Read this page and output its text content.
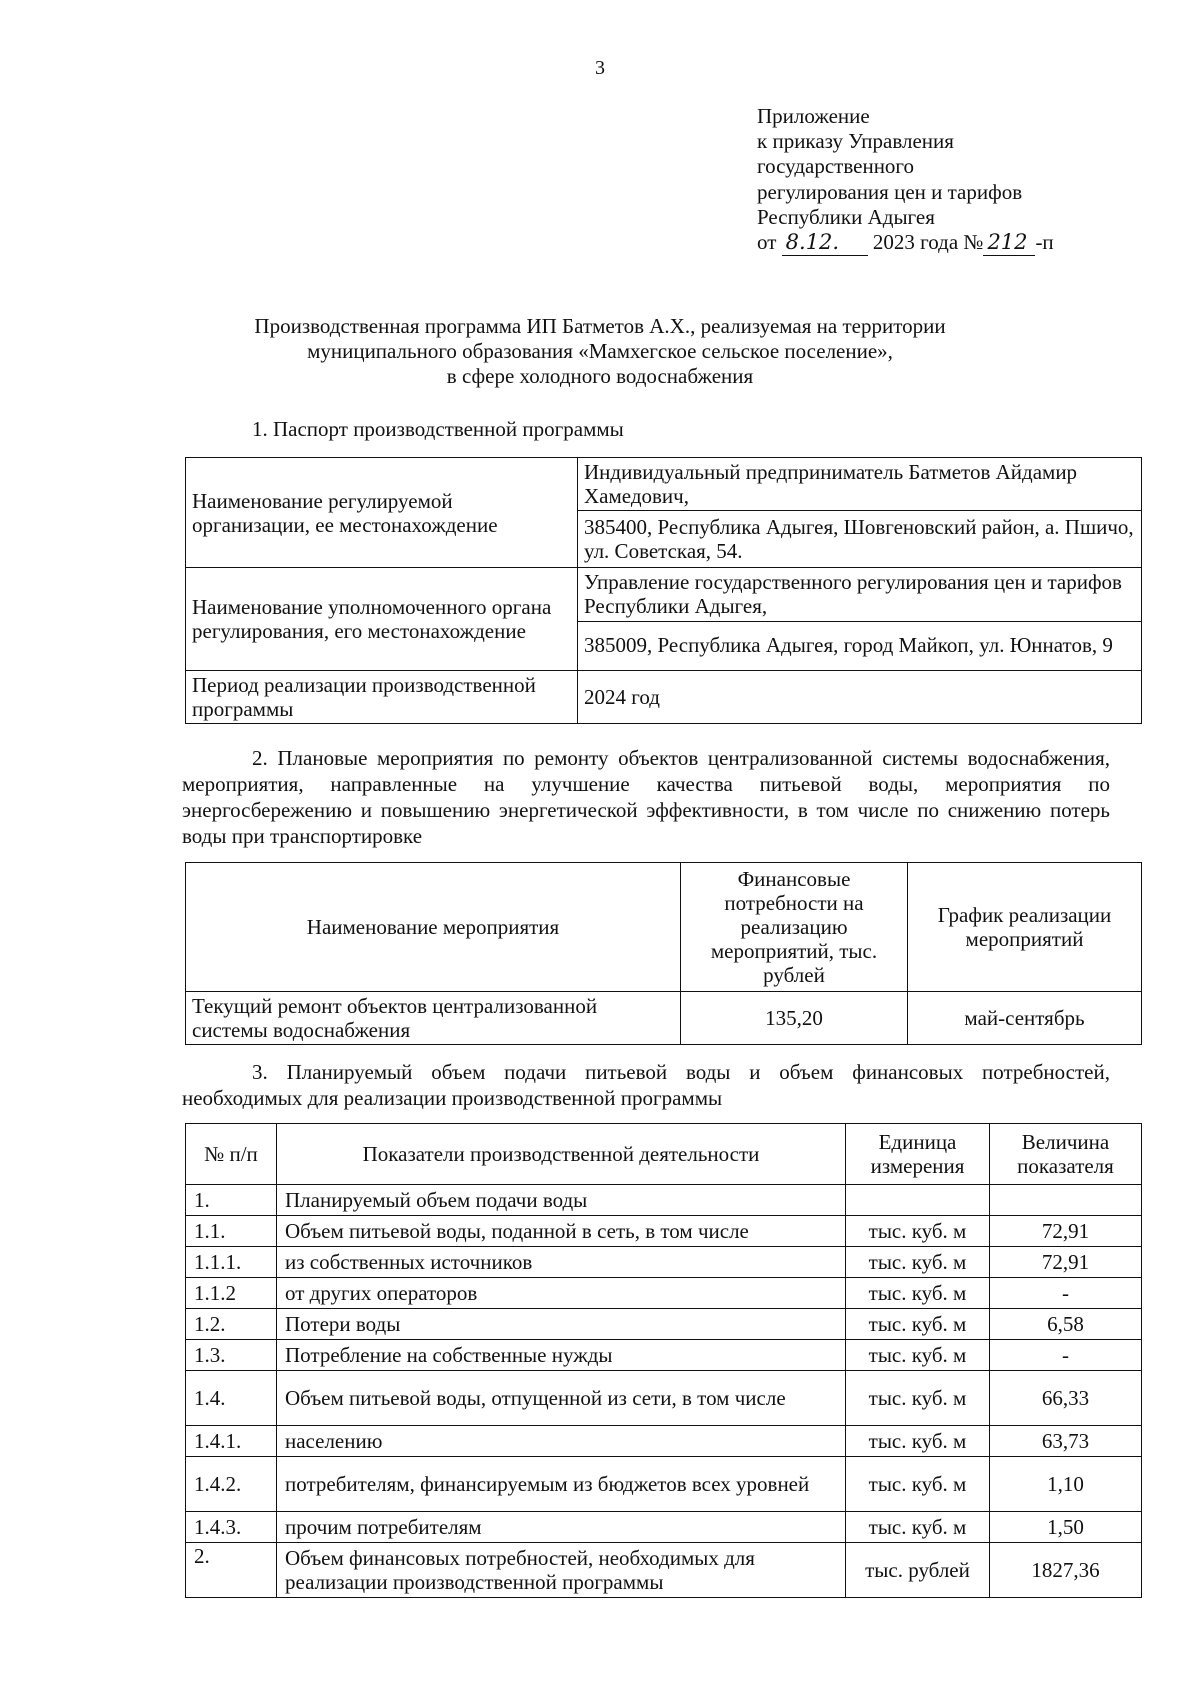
3
Приложение
к приказу Управления
государственного
регулирования цен и тарифов
Республики Адыгея
от 8.12. 2023 года № 212 -п
Производственная программа ИП Батметов А.Х., реализуемая на территории
муниципального образования «Мамхегское сельское поселение»,
в сфере холодного водоснабжения
1. Паспорт производственной программы
Наименование регулируемой организации, ее местонахождение	Индивидуальный предприниматель Батметов Айдамир Хамедович,
	385400, Республика Адыгея, Шовгеновский район, а. Пшичо, ул. Советская, 54.
Наименование уполномоченного органа регулирования, его местонахождение	Управление государственного регулирования цен и тарифов Республики Адыгея,
	385009, Республика Адыгея, город Майкоп, ул. Юннатов, 9
Период реализации производственной программы	2024 год
2. Плановые мероприятия по ремонту объектов централизованной системы водоснабжения, мероприятия, направленные на улучшение качества питьевой воды, мероприятия по энергосбережению и повышению энергетической эффективности, в том числе по снижению потерь воды при транспортировке
Наименование мероприятия	Финансовые потребности на реализацию мероприятий, тыс. рублей	График реализации мероприятий
Текущий ремонт объектов централизованной системы водоснабжения	135,20	май-сентябрь
3. Планируемый объем подачи питьевой воды и объем финансовых потребностей, необходимых для реализации производственной программы
№ п/п	Показатели производственной деятельности	Единица измерения	Величина показателя
1.	Планируемый объем подачи воды		
1.1.	Объем питьевой воды, поданной в сеть, в том числе	тыс. куб. м	72,91
1.1.1.	из собственных источников	тыс. куб. м	72,91
1.1.2	от других операторов	тыс. куб. м	-
1.2.	Потери воды	тыс. куб. м	6,58
1.3.	Потребление на собственные нужды	тыс. куб. м	-
1.4.	Объем питьевой воды, отпущенной из сети, в том числе	тыс. куб. м	66,33
1.4.1.	населению	тыс. куб. м	63,73
1.4.2.	потребителям, финансируемым из бюджетов всех уровней	тыс. куб. м	1,10
1.4.3.	прочим потребителям	тыс. куб. м	1,50
2.	Объем финансовых потребностей, необходимых для реализации производственной программы	тыс. рублей	1827,36
